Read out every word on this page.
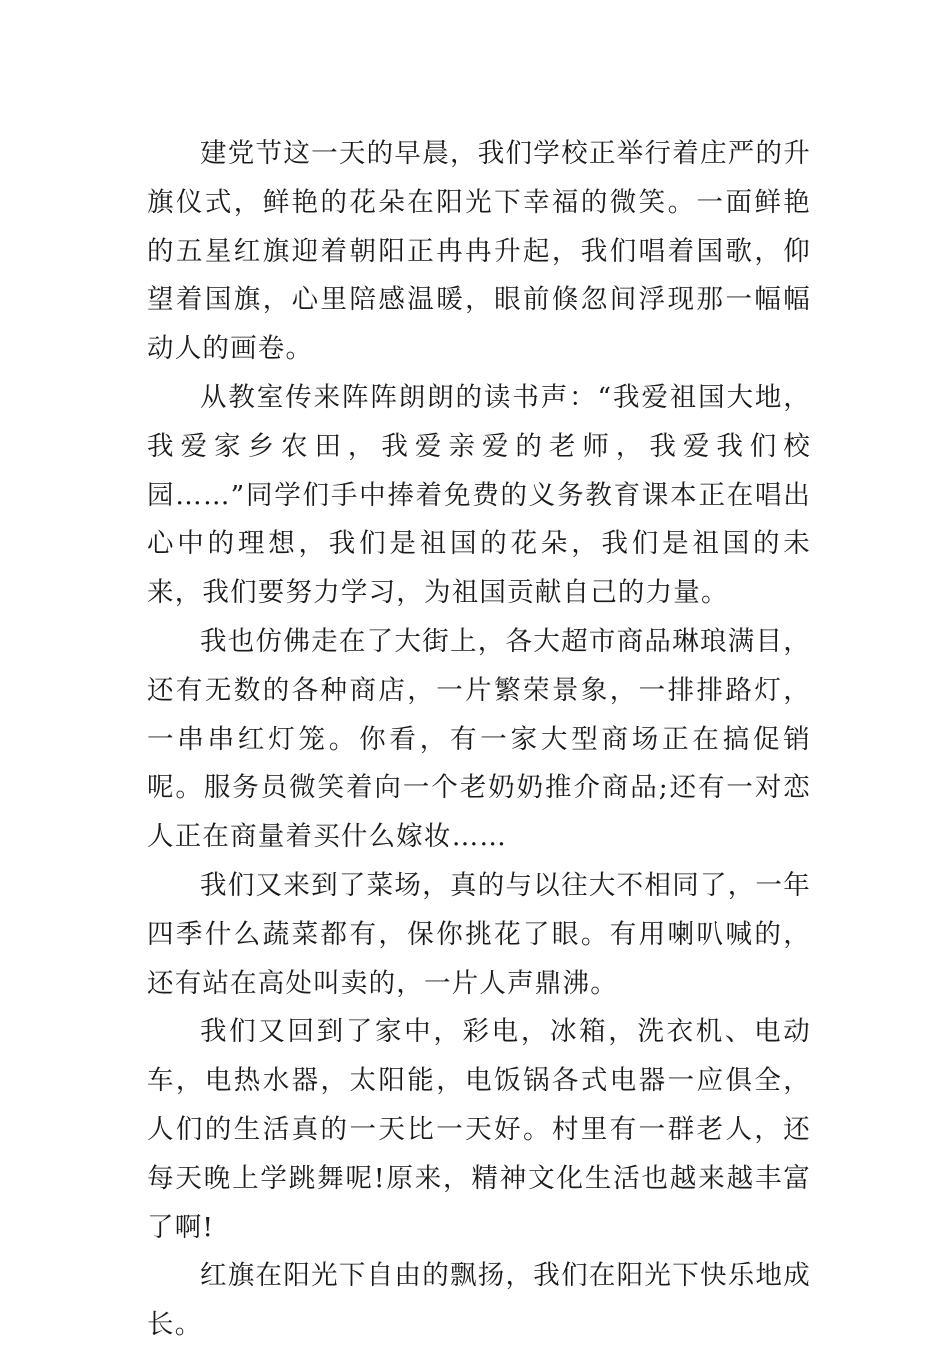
建党节这一天的早晨，我们学校正举行着庄严的升旗仪式，鲜艳的花朵在阳光下幸福的微笑。一面鲜艳的五星红旗迎着朝阳正冉冉升起，我们唱着国歌，仰望着国旗，心里陪感温暖，眼前倏忽间浮现那一幅幅动人的画卷。

从教室传来阵阵朗朗的读书声：“我爱祖国大地，我爱家乡农田，我爱亲爱的老师，我爱我们校园……”同学们手中捧着免费的义务教育课本正在唱出心中的理想，我们是祖国的花朵，我们是祖国的未来，我们要努力学习，为祖国贡献自己的力量。

我也仿佛走在了大街上，各大超市商品琳琅满目，还有无数的各种商店，一片繁荣景象，一排排路灯，一串串红灯笼。你看，有一家大型商场正在搞促销呢。服务员微笑着向一个老奶奶推介商品;还有一对恋人正在商量着买什么嫁妆……

我们又来到了菜场，真的与以往大不相同了，一年四季什么蔬菜都有，保你挑花了眼。有用喇叭喊的，还有站在高处叫卖的，一片人声鼎沸。

我们又回到了家中，彩电，冰箱，洗衣机、电动车，电热水器，太阳能，电饭锅各式电器一应俱全，人们的生活真的一天比一天好。村里有一群老人，还每天晚上学跳舞呢!原来，精神文化生活也越来越丰富了啊!

红旗在阳光下自由的飘扬，我们在阳光下快乐地成长。
